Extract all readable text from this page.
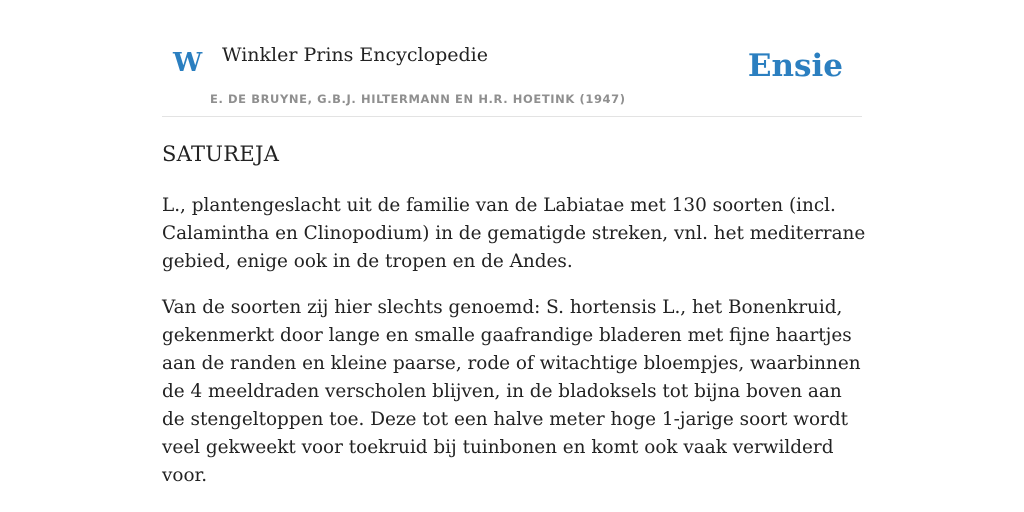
W Winkler Prins Encyclopedie
E. DE BRUYNE, G.B.J. HILTERMANN EN H.R. HOETINK (1947)
Ensie
SATUREJA

L., plantengeslacht uit de familie van de Labiatae met 130 soorten (incl. Calamintha en Clinopodium) in de gematigde streken, vnl. het mediterrane gebied, enige ook in de tropen en de Andes.

Van de soorten zij hier slechts genoemd: S. hortensis L., het Bonenkruid, gekenmerkt door lange en smalle gaafrandige bladeren met fijne haartjes aan de randen en kleine paarse, rode of witachtige bloempjes, waarbinnen de 4 meeldraden verscholen blijven, in de bladoksels tot bijna boven aan de stengeltoppen toe. Deze tot een halve meter hoge 1-jarige soort wordt veel gekweekt voor toekruid bij tuinbonen en komt ook vaak verwilderd voor.
